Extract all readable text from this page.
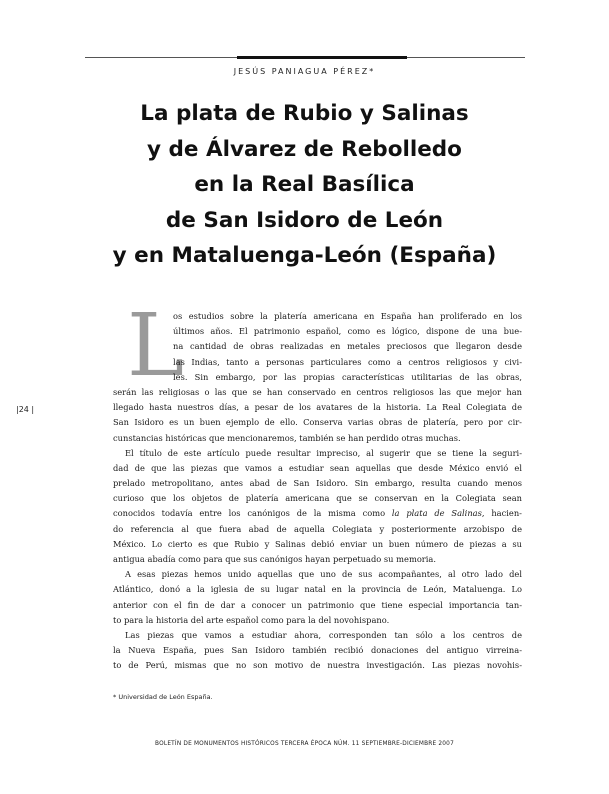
JESÚS PANIAGUA PÉREZ*
La plata de Rubio y Salinas
y de Álvarez de Rebolledo
en la Real Basílica
de San Isidoro de León
y en Mataluenga-León (España)
|24 |
L
os estudios sobre la platería americana en España han proliferado en los
últimos años. El patrimonio español, como es lógico, dispone de una bue-
na cantidad de obras realizadas en metales preciosos que llegaron desde
las Indias, tanto a personas particulares como a centros religiosos y civi-
les. Sin embargo, por las propias características utilitarias de las obras,
serán las religiosas o las que se han conservado en centros religiosos las que mejor han
llegado hasta nuestros días, a pesar de los avatares de la historia. La Real Colegiata de
San Isidoro es un buen ejemplo de ello. Conserva varias obras de platería, pero por cir-
cunstancias históricas que mencionaremos, también se han perdido otras muchas.
El título de este artículo puede resultar impreciso, al sugerir que se tiene la seguri-
dad de que las piezas que vamos a estudiar sean aquellas que desde México envió el
prelado metropolitano, antes abad de San Isidoro. Sin embargo, resulta cuando menos
curioso que los objetos de platería americana que se conservan en la Colegiata sean
conocidos todavía entre los canónigos de la misma como la plata de Salinas, hacien-
do referencia al que fuera abad de aquella Colegiata y posteriormente arzobispo de
México. Lo cierto es que Rubio y Salinas debió enviar un buen número de piezas a su
antigua abadía como para que sus canónigos hayan perpetuado su memoria.
A esas piezas hemos unido aquellas que uno de sus acompañantes, al otro lado del
Atlántico, donó a la iglesia de su lugar natal en la provincia de León, Mataluenga. Lo
anterior con el fin de dar a conocer un patrimonio que tiene especial importancia tan-
to para la historia del arte español como para la del novohispano.
Las piezas que vamos a estudiar ahora, corresponden tan sólo a los centros de
la Nueva España, pues San Isidoro también recibió donaciones del antiguo virreina-
to de Perú, mismas que no son motivo de nuestra investigación. Las piezas novohis-
* Universidad de León España.
BOLETÍN DE MONUMENTOS HISTÓRICOS TERCERA ÉPOCA NÚM. 11 SEPTIEMBRE-DICIEMBRE 2007
